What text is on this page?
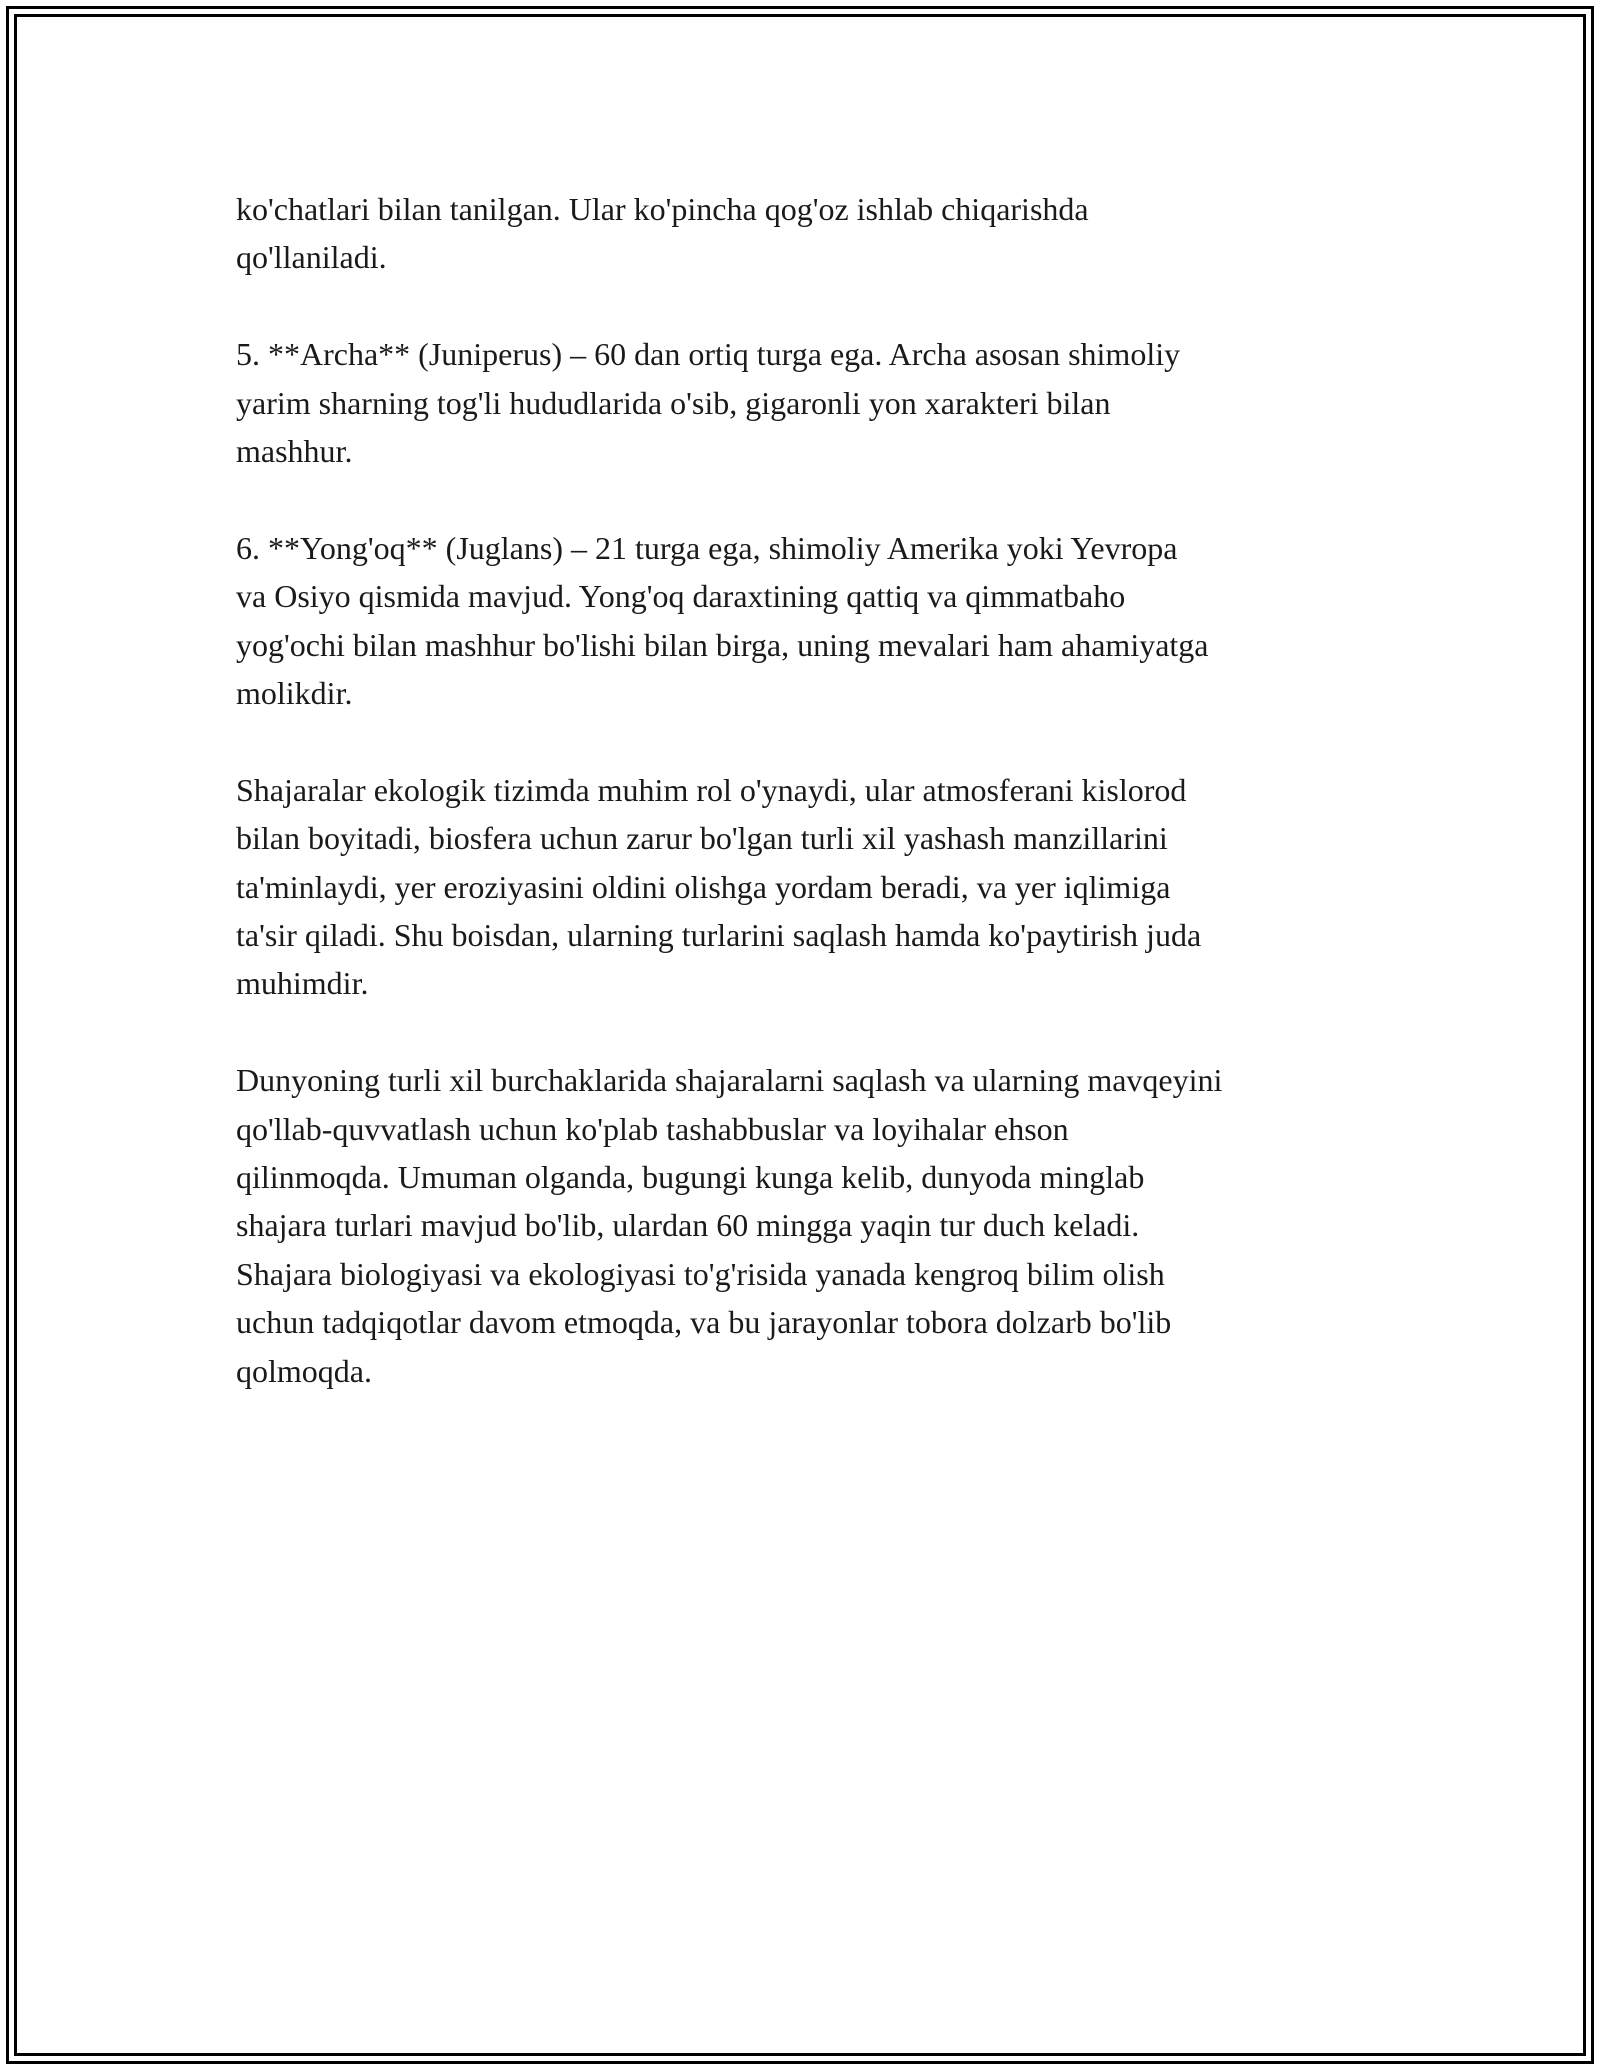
ko'chatlari bilan tanilgan. Ular ko'pincha qog'oz ishlab chiqarishda
qo'llaniladi.

5. **Archa** (Juniperus) – 60 dan ortiq turga ega. Archa asosan shimoliy
yarim sharning tog'li hududlarida o'sib, gigaronli yon xarakteri bilan
mashhur.

6. **Yong'oq** (Juglans) – 21 turga ega, shimoliy Amerika yoki Yevropa
va Osiyo qismida mavjud. Yong'oq daraxtining qattiq va qimmatbaho
yog'ochi bilan mashhur bo'lishi bilan birga, uning mevalari ham ahamiyatga
molikdir.

Shajaralar ekologik tizimda muhim rol o'ynaydi, ular atmosferani kislorod
bilan boyitadi, biosfera uchun zarur bo'lgan turli xil yashash manzillarini
ta'minlaydi, yer eroziyasini oldini olishga yordam beradi, va yer iqlimiga
ta'sir qiladi. Shu boisdan, ularning turlarini saqlash hamda ko'paytirish juda
muhimdir.

Dunyoning turli xil burchaklarida shajaralarni saqlash va ularning mavqeyini
qo'llab-quvvatlash uchun ko'plab tashabbuslar va loyihalar ehson
qilinmoqda. Umuman olganda, bugungi kunga kelib, dunyoda minglab
shajara turlari mavjud bo'lib, ulardan 60 mingga yaqin tur duch keladi.
Shajara biologiyasi va ekologiyasi to'g'risida yanada kengroq bilim olish
uchun tadqiqotlar davom etmoqda, va bu jarayonlar tobora dolzarb bo'lib
qolmoqda.
